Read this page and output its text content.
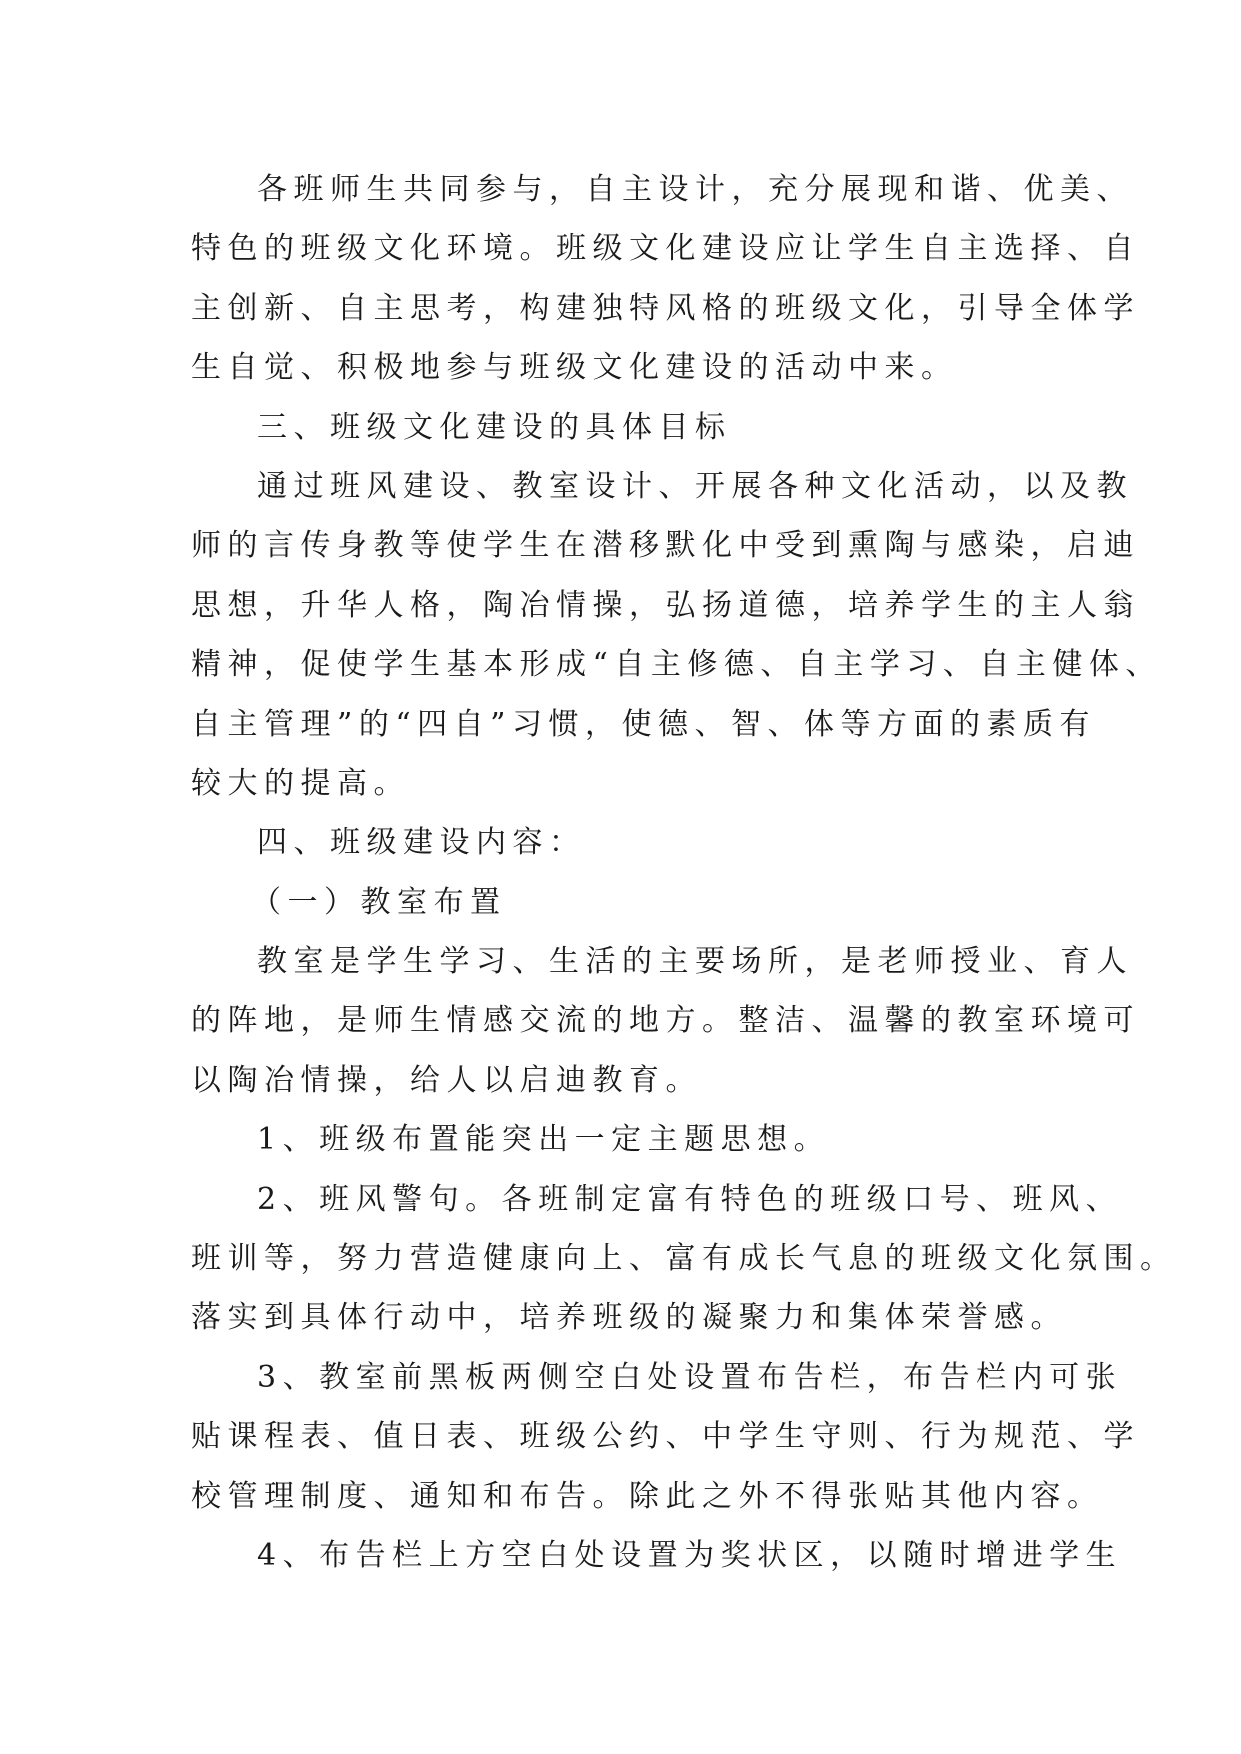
各班师生共同参与，自主设计，充分展现和谐、优美、
特色的班级文化环境。班级文化建设应让学生自主选择、自
主创新、自主思考，构建独特风格的班级文化，引导全体学
生自觉、积极地参与班级文化建设的活动中来。
三、班级文化建设的具体目标
通过班风建设、教室设计、开展各种文化活动，以及教
师的言传身教等使学生在潜移默化中受到熏陶与感染，启迪
思想，升华人格，陶冶情操，弘扬道德，培养学生的主人翁
精神，促使学生基本形成“自主修德、自主学习、自主健体、
自主管理”的“四自”习惯，使德、智、体等方面的素质有
较大的提高。
四、班级建设内容：
（一）教室布置
教室是学生学习、生活的主要场所，是老师授业、育人
的阵地，是师生情感交流的地方。整洁、温馨的教室环境可
以陶冶情操，给人以启迪教育。
1、班级布置能突出一定主题思想。
2、班风警句。各班制定富有特色的班级口号、班风、
班训等，努力营造健康向上、富有成长气息的班级文化氛围。
落实到具体行动中，培养班级的凝聚力和集体荣誉感。
3、教室前黑板两侧空白处设置布告栏，布告栏内可张
贴课程表、值日表、班级公约、中学生守则、行为规范、学
校管理制度、通知和布告。除此之外不得张贴其他内容。
4、布告栏上方空白处设置为奖状区，以随时增进学生
